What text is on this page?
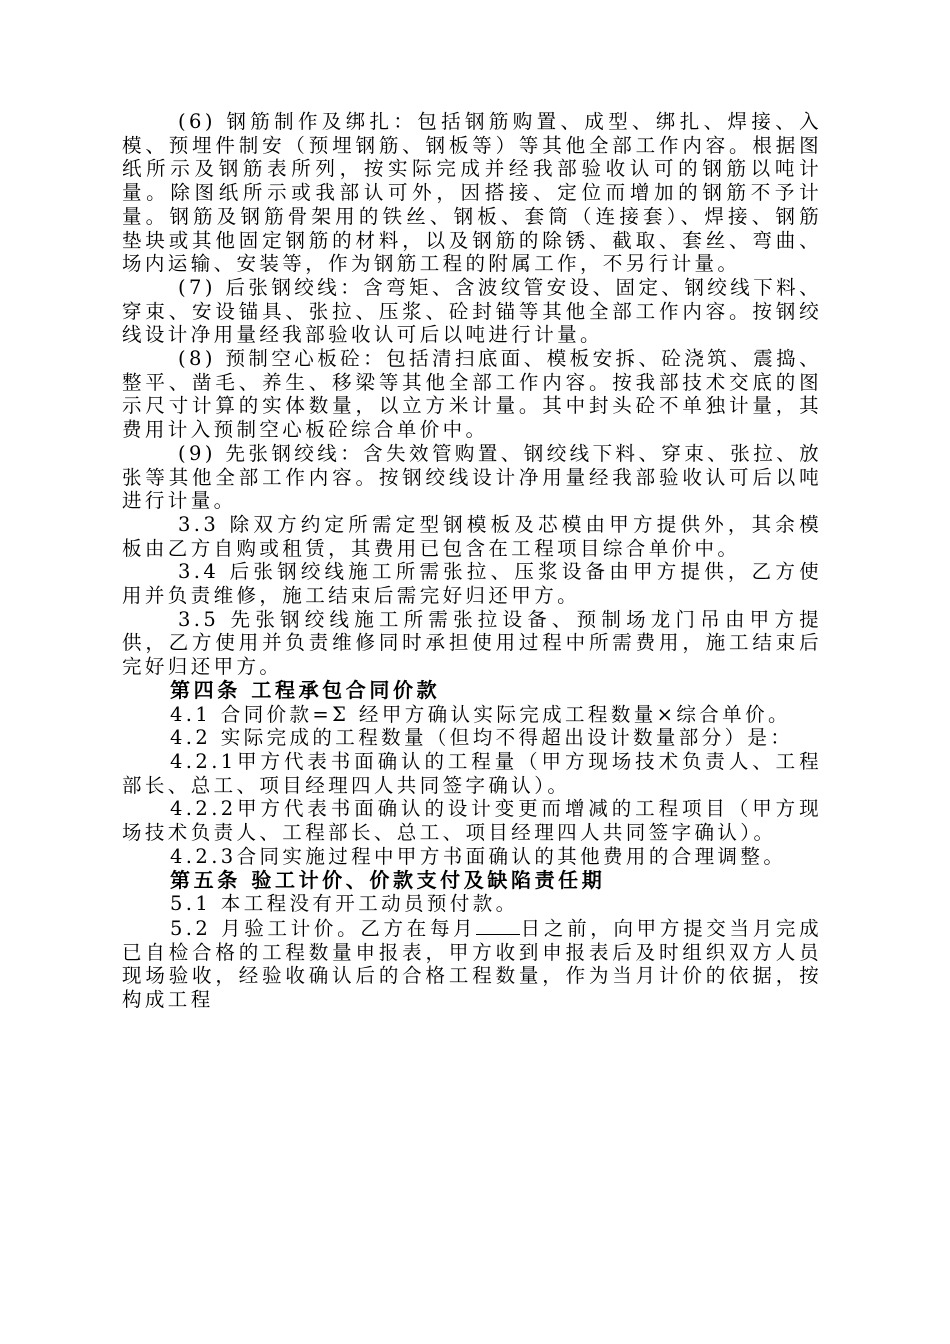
(6) 钢筋制作及绑扎：包括钢筋购置、成型、绑扎、焊接、入模、预埋件制安（预埋钢筋、钢板等）等其他全部工作内容。根据图纸所示及钢筋表所列，按实际完成并经我部验收认可的钢筋以吨计量。除图纸所示或我部认可外，因搭接、定位而增加的钢筋不予计量。钢筋及钢筋骨架用的铁丝、钢板、套筒（连接套）、焊接、钢筋垫块或其他固定钢筋的材料，以及钢筋的除锈、截取、套丝、弯曲、场内运输、安装等，作为钢筋工程的附属工作，不另行计量。

(7) 后张钢绞线：含弯矩、含波纹管安设、固定、钢绞线下料、穿束、安设锚具、张拉、压浆、砼封锚等其他全部工作内容。按钢绞线设计净用量经我部验收认可后以吨进行计量。

(8) 预制空心板砼：包括清扫底面、模板安拆、砼浇筑、震捣、整平、凿毛、养生、移梁等其他全部工作内容。按我部技术交底的图示尺寸计算的实体数量，以立方米计量。其中封头砼不单独计量，其费用计入预制空心板砼综合单价中。

(9) 先张钢绞线：含失效管购置、钢绞线下料、穿束、张拉、放张等其他全部工作内容。按钢绞线设计净用量经我部验收认可后以吨进行计量。

3.3 除双方约定所需定型钢模板及芯模由甲方提供外，其余模板由乙方自购或租赁，其费用已包含在工程项目综合单价中。

3.4 后张钢绞线施工所需张拉、压浆设备由甲方提供，乙方使用并负责维修，施工结束后需完好归还甲方。

3.5 先张钢绞线施工所需张拉设备、预制场龙门吊由甲方提供，乙方使用并负责维修同时承担使用过程中所需费用，施工结束后完好归还甲方。

第四条 工程承包合同价款

4.1 合同价款=Σ 经甲方确认实际完成工程数量×综合单价。

4.2 实际完成的工程数量（但均不得超出设计数量部分）是：

4.2.1甲方代表书面确认的工程量（甲方现场技术负责人、工程部长、总工、项目经理四人共同签字确认）。

4.2.2甲方代表书面确认的设计变更而增减的工程项目（甲方现场技术负责人、工程部长、总工、项目经理四人共同签字确认）。

4.2.3合同实施过程中甲方书面确认的其他费用的合理调整。

第五条 验工计价、价款支付及缺陷责任期

5.1 本工程没有开工动员预付款。

5.2 月验工计价。乙方在每月 日之前，向甲方提交当月完成已自检合格的工程数量申报表，甲方收到申报表后及时组织双方人员现场验收，经验收确认后的合格工程数量，作为当月计价的依据，按构成工程
